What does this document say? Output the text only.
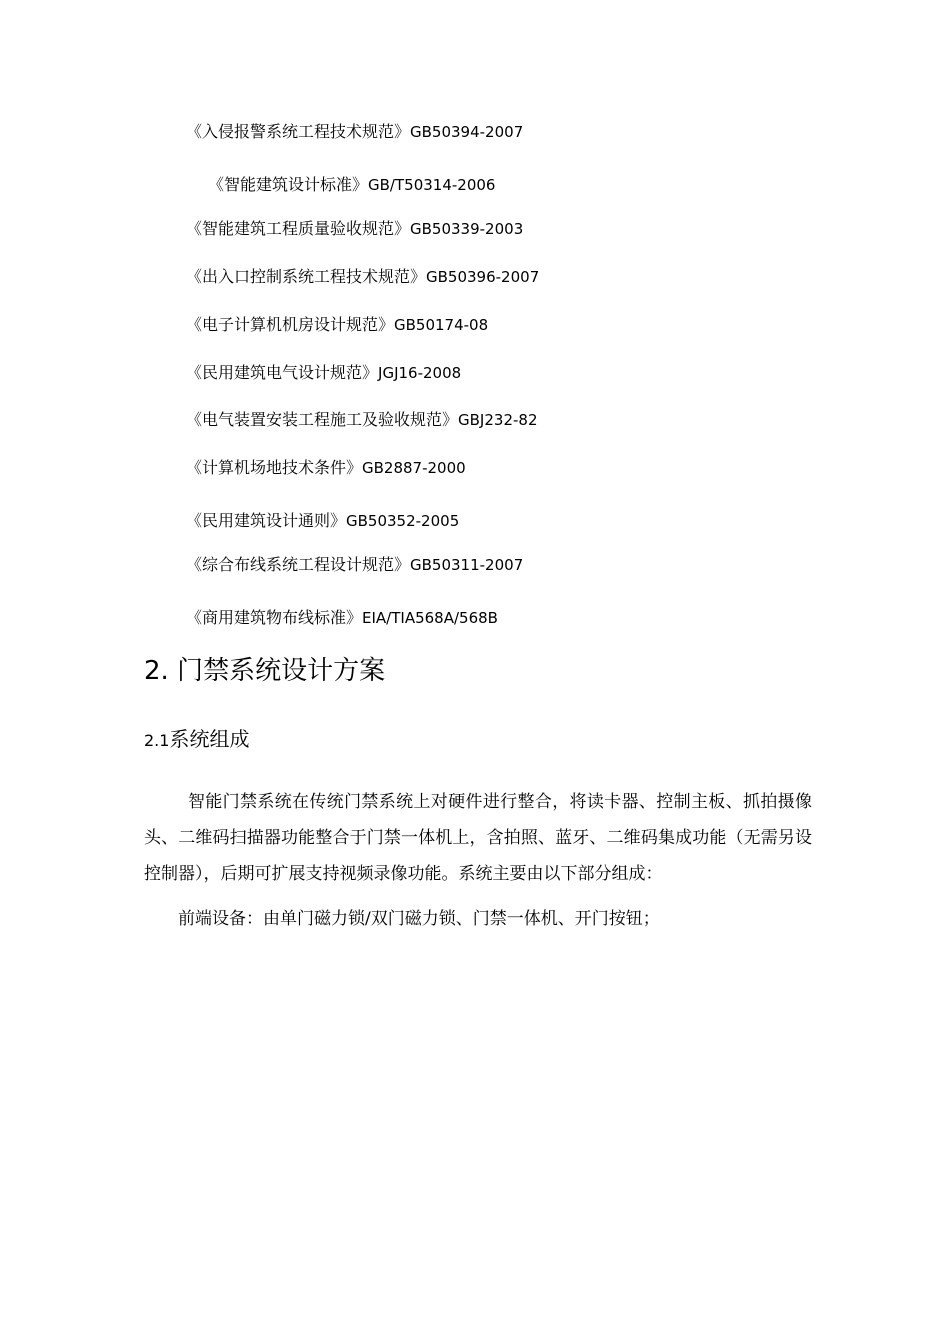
《入侵报警系统工程技术规范》GB50394-2007
《智能建筑设计标准》GB/T50314-2006
《智能建筑工程质量验收规范》GB50339-2003
《出入口控制系统工程技术规范》GB50396-2007
《电子计算机机房设计规范》GB50174-08
《民用建筑电气设计规范》JGJ16-2008
《电气装置安装工程施工及验收规范》GBJ232-82
《计算机场地技术条件》GB2887-2000
《民用建筑设计通则》GB50352-2005
《综合布线系统工程设计规范》GB50311-2007
《商用建筑物布线标准》EIA/TIA568A/568B
2. 门禁系统设计方案
2.1系统组成
智能门禁系统在传统门禁系统上对硬件进行整合，将读卡器、控制主板、抓拍摄像头、二维码扫描器功能整合于门禁一体机上，含拍照、蓝牙、二维码集成功能（无需另设控制器），后期可扩展支持视频录像功能。系统主要由以下部分组成：
前端设备：由单门磁力锁/双门磁力锁、门禁一体机、开门按钮；
